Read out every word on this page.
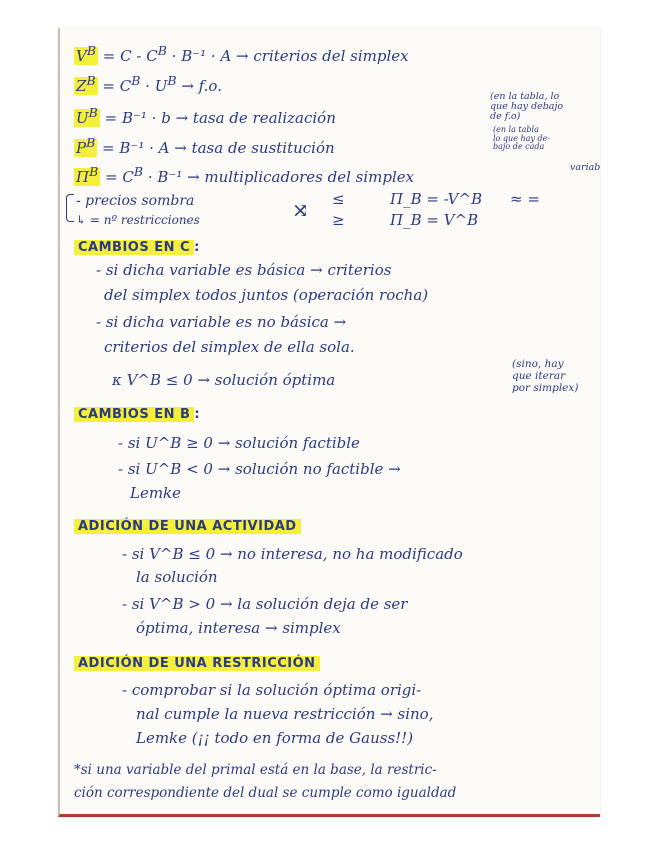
$V^B = C - C^B \cdot B^{-1} \cdot A$ → criterios del simplex
$Z^B = C^B \cdot U^B \to f.o$.
$U^B = B^{-1} \cdot b$ → tasa de realización
$P^B = B^{-1} \cdot A$ → tasa de sustitución
$\Pi^B = C^B \cdot B^{-1}$ → multiplicadores del simplex
(en la tabla, lo
que hay debajo
de f.o)
(en la tabla
lo que hay de-
bajo de cada
variab
- precios sombra
↳ = nº restricciones	⤨ ≤
≥
Π_B = -V^B
Π_B = V^B
≈ =
CAMBIOS EN C :
- si dicha variable es básica → criterios
del simplex todos juntos (operación rocha)
- si dicha variable es no básica →
criterios del simplex de ella sola.
κ V^B ≤ 0 → solución óptima
(sino, hay
que iterar
por simplex)
CAMBIOS EN B :
- si U^B ≥ 0 → solución factible
- si U^B < 0 → solución no factible →
Lemke
ADICIÓN DE UNA ACTIVIDAD
- si V^B ≤ 0 → no interesa, no ha modificado
la solución
- si V^B > 0 → la solución deja de ser
óptima, interesa → simplex
ADICIÓN DE UNA RESTRICCIÓN
- comprobar si la solución óptima origi-
nal cumple la nueva restricción → sino,
Lemke (¡¡ todo en forma de Gauss!!)
*si una variable del primal está en la base, la restric-
ción correspondiente del dual se cumple como igualdad
